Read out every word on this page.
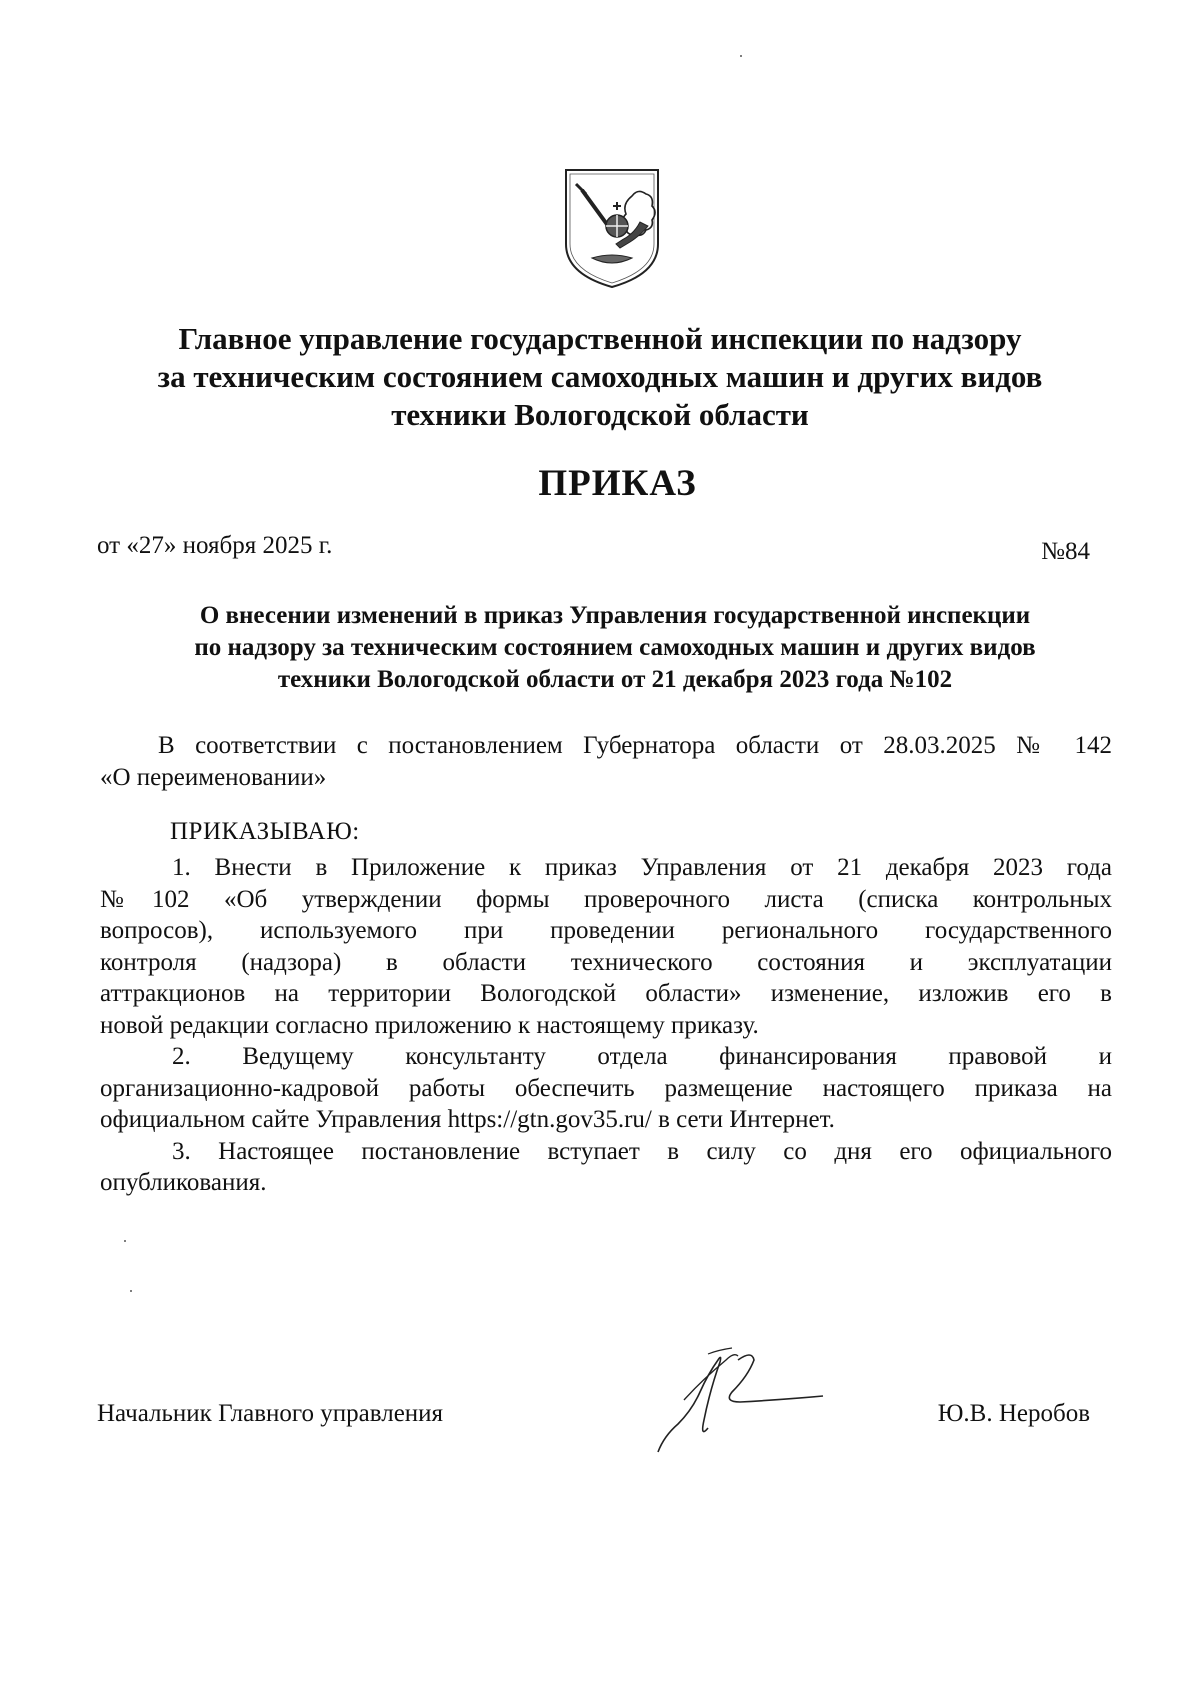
Главное управление государственной инспекции по надзору
за техническим состоянием самоходных машин и других видов
техники Вологодской области
ПРИКАЗ
от «27» ноября 2025 г.	№84
О внесении изменений в приказ Управления государственной инспекции
по надзору за техническим состоянием самоходных машин и других видов
техники Вологодской области от 21 декабря 2023 года №102
В соответствии с постановлением Губернатора области от 28.03.2025 № 142
«О переименовании»
ПРИКАЗЫВАЮ:
1. Внести в Приложение к приказ Управления от 21 декабря 2023 года
№102 «Об утверждении формы проверочного листа (списка контрольных
вопросов), используемого при проведении регионального государственного
контроля (надзора) в области технического состояния и эксплуатации
аттракционов на территории Вологодской области» изменение, изложив его в
новой редакции согласно приложению к настоящему приказу.
2. Ведущему консультанту отдела финансирования правовой и
организационно-кадровой работы обеспечить размещение настоящего приказа на
официальном сайте Управления https://gtn.gov35.ru/ в сети Интернет.
3. Настоящее постановление вступает в силу со дня его официального
опубликования.
Начальник Главного управления	Ю.В. Неробов
